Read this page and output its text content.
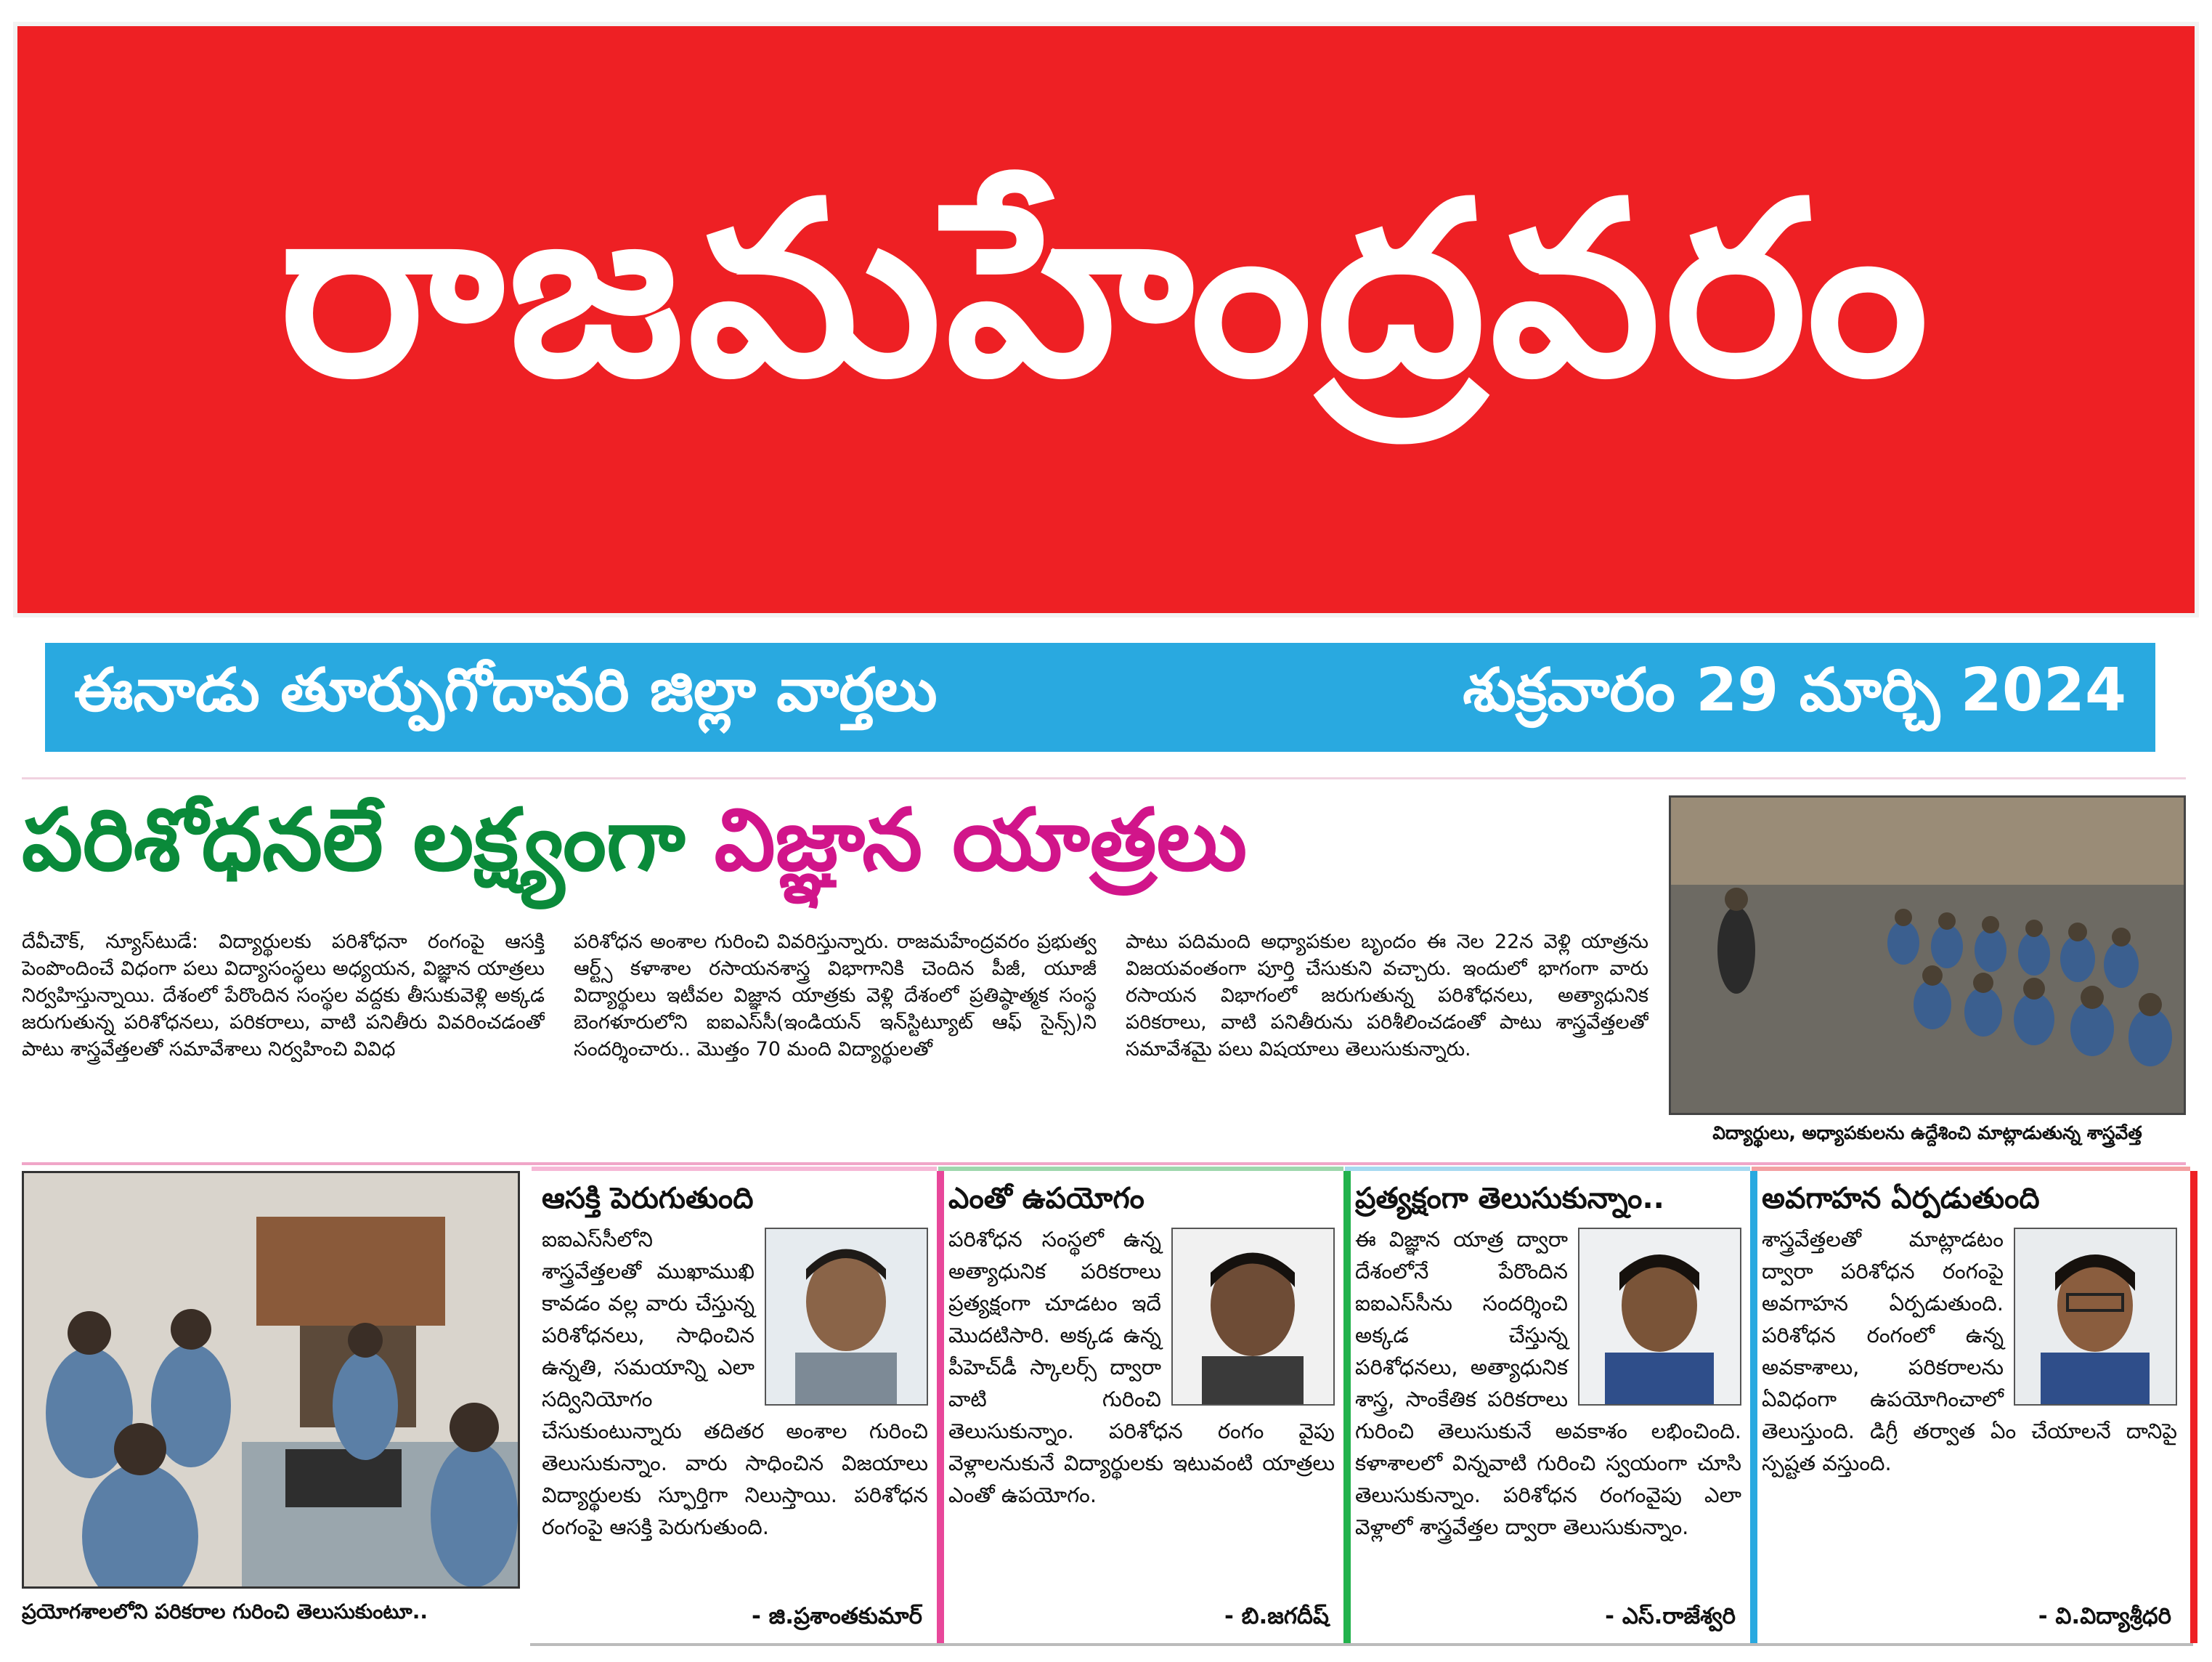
రాజమహేంద్రవరం
ఈనాడు తూర్పుగోదావరి జిల్లా వార్తలు	శుక్రవారం 29 మార్చి 2024
పరిశోధనలే లక్ష్యంగా విజ్ఞాన యాత్రలు
విద్యార్థులు, అధ్యాపకులను ఉద్దేశించి మాట్లాడుతున్న శాస్త్రవేత్త
దేవీచౌక్, న్యూస్‌టుడే: విద్యార్థులకు పరిశోధనా రంగంపై ఆసక్తి పెంపొందించే విధంగా పలు విద్యాసంస్థలు అధ్యయన, విజ్ఞాన యాత్రలు నిర్వహిస్తున్నాయి. దేశంలో పేరొందిన సంస్థల వద్దకు తీసుకువెళ్లి అక్కడ జరుగుతున్న పరిశోధనలు, పరికరాలు, వాటి పనితీరు వివరించడంతో పాటు శాస్త్రవేత్తలతో సమావేశాలు నిర్వహించి వివిధ
పరిశోధన అంశాల గురించి వివరిస్తున్నారు. రాజమహేంద్రవరం ప్రభుత్వ ఆర్ట్స్ కళాశాల రసాయనశాస్త్ర విభాగానికి చెందిన పీజీ, యూజీ విద్యార్థులు ఇటీవల విజ్ఞాన యాత్రకు వెళ్లి దేశంలో ప్రతిష్ఠాత్మక సంస్థ బెంగళూరులోని ఐఐఎస్‌సీ(ఇండియన్ ఇన్‌స్టిట్యూట్ ఆఫ్ సైన్స్)ని సందర్శించారు.. మొత్తం 70 మంది విద్యార్థులతో
పాటు పదిమంది అధ్యాపకుల బృందం ఈ నెల 22న వెళ్లి యాత్రను విజయవంతంగా పూర్తి చేసుకుని వచ్చారు. ఇందులో భాగంగా వారు రసాయన విభాగంలో జరుగుతున్న పరిశోధనలు, అత్యాధునిక పరికరాలు, వాటి పనితీరును పరిశీలించడంతో పాటు శాస్త్రవేత్తలతో సమావేశమై పలు విషయాలు తెలుసుకున్నారు.
ప్రయోగశాలలోని పరికరాల గురించి తెలుసుకుంటూ..
ఆసక్తి పెరుగుతుంది
ఐఐఎస్‌సీలోని శాస్త్రవేత్తలతో ముఖాముఖి కావడం వల్ల వారు చేస్తున్న పరిశోధనలు, సాధించిన ఉన్నతి, సమయాన్ని ఎలా సద్వినియోగం చేసుకుంటున్నారు తదితర అంశాల గురించి తెలుసుకున్నాం. వారు సాధించిన విజయాలు విద్యార్థులకు స్ఫూర్తిగా నిలుస్తాయి. పరిశోధన రంగంపై ఆసక్తి పెరుగుతుంది.
- జి.ప్రశాంతకుమార్
ఎంతో ఉపయోగం
పరిశోధన సంస్థలో ఉన్న అత్యాధునిక పరికరాలు ప్రత్యక్షంగా చూడటం ఇదే మొదటిసారి. అక్కడ ఉన్న పీహెచ్‌డీ స్కాలర్స్ ద్వారా వాటి గురించి తెలుసుకున్నాం. పరిశోధన రంగం వైపు వెళ్లాలనుకునే విద్యార్థులకు ఇటువంటి యాత్రలు ఎంతో ఉపయోగం.
- బి.జగదీష్
ప్రత్యక్షంగా తెలుసుకున్నాం..
ఈ విజ్ఞాన యాత్ర ద్వారా దేశంలోనే పేరొందిన ఐఐఎస్‌సీను సందర్శించి అక్కడ చేస్తున్న పరిశోధనలు, అత్యాధునిక శాస్త్ర, సాంకేతిక పరికరాలు గురించి తెలుసుకునే అవకాశం లభించింది. కళాశాలలో విన్నవాటి గురించి స్వయంగా చూసి తెలుసుకున్నాం. పరిశోధన రంగంవైపు ఎలా వెళ్లాలో శాస్త్రవేత్తల ద్వారా తెలుసుకున్నాం.
- ఎస్.రాజేశ్వరి
అవగాహన ఏర్పడుతుంది
శాస్త్రవేత్తలతో మాట్లాడటం ద్వారా పరిశోధన రంగంపై అవగాహన ఏర్పడుతుంది. పరిశోధన రంగంలో ఉన్న అవకాశాలు, పరికరాలను ఏవిధంగా ఉపయోగించాలో తెలుస్తుంది. డిగ్రీ తర్వాత ఏం చేయాలనే దానిపై స్పష్టత వస్తుంది.
- వి.విద్యాశ్రీధరి
